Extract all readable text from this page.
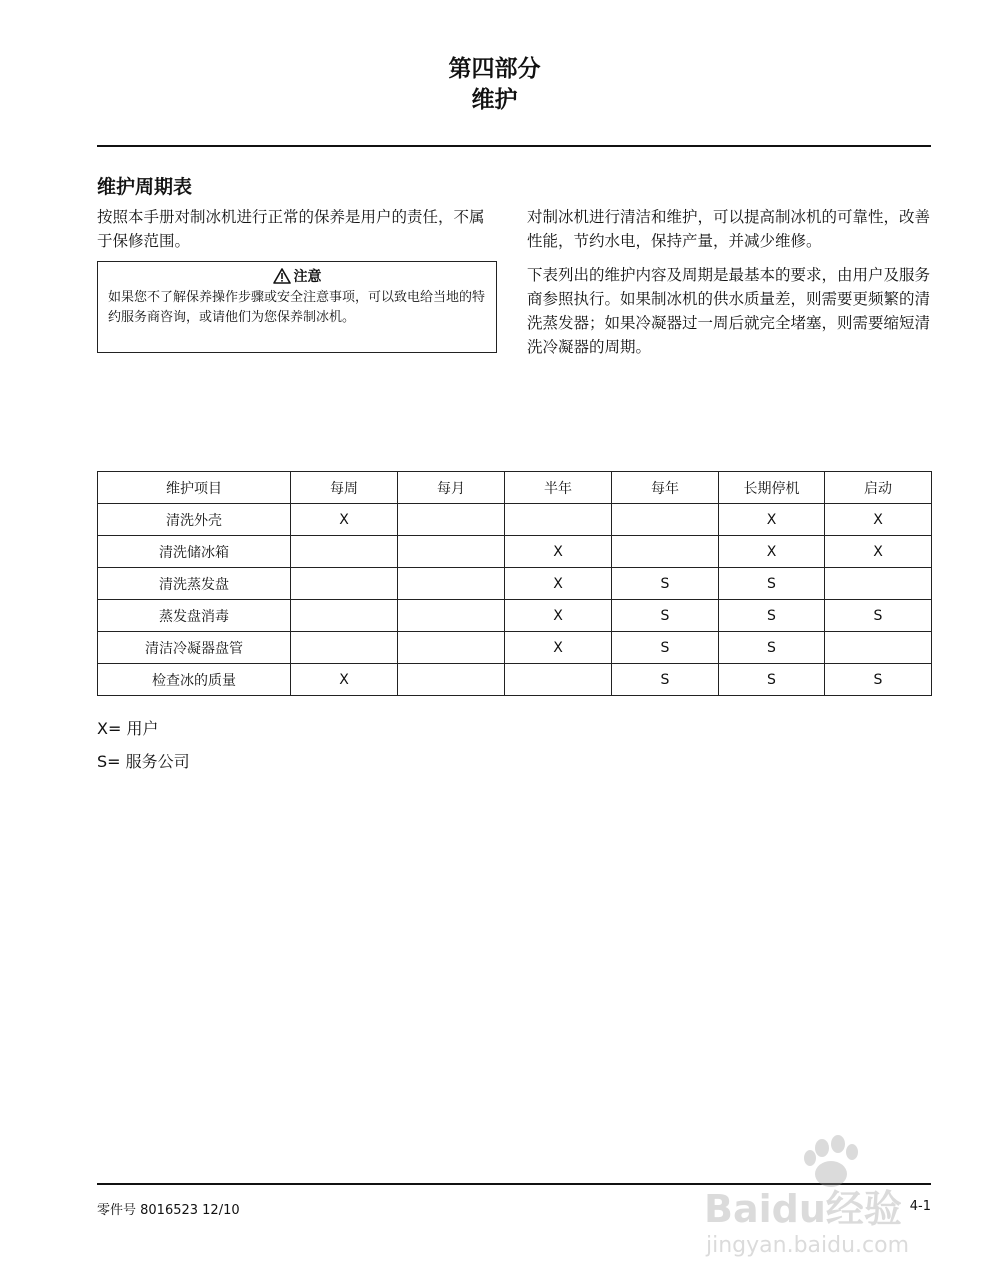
第四部分
维护
维护周期表

按照本手册对制冰机进行正常的保养是用户的责任，不属于保修范围。

注意

如果您不了解保养操作步骤或安全注意事项，可以致电给当地的特约服务商咨询，或请他们为您保养制冰机。

对制冰机进行清洁和维护，可以提高制冰机的可靠性，改善性能，节约水电，保持产量，并减少维修。

下表列出的维护内容及周期是最基本的要求，由用户及服务商参照执行。如果制冰机的供水质量差，则需要更频繁的清洗蒸发器；如果冷凝器过一周后就完全堵塞，则需要缩短清洗冷凝器的周期。

维护项目	每周	每月	半年	每年	长期停机	启动
清洗外壳	X				X	X
清洗储冰箱			X		X	X
清洗蒸发盘			X	S	S	
蒸发盘消毒			X	S	S	S
清洁冷凝器盘管			X	S	S	
检查冰的质量	X			S	S	S
X= 用户
S= 服务公司
零件号 8016523 12/10	4-1
Baidu经验
jingyan.baidu.com
